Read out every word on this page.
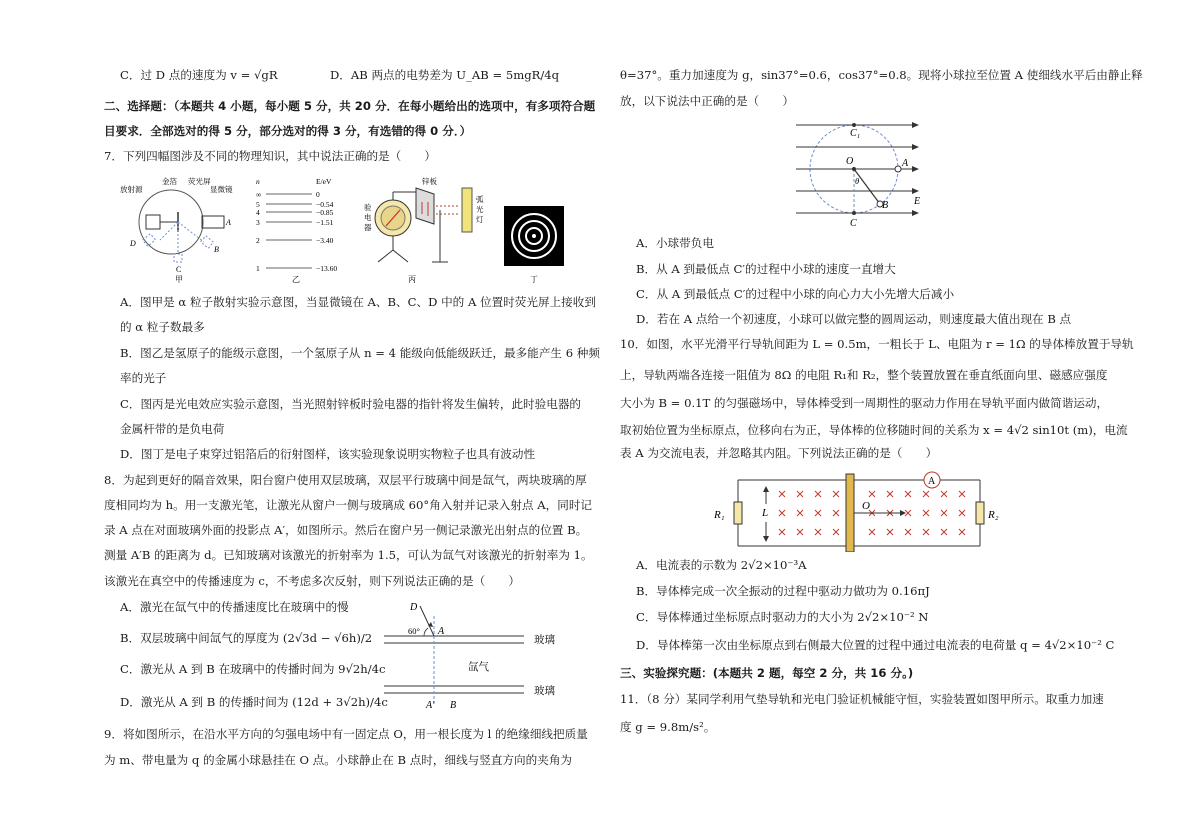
C．过 D 点的速度为 v = √gR	D．AB 两点的电势差为 U_AB = 5mgR/4q
二、选择题：（本题共 4 小题，每小题 5 分，共 20 分．在每小题给出的选项中，有多项符合题
目要求．全部选对的得 5 分，部分选对的得 3 分，有选错的得 0 分．）
7．下列四幅图涉及不同的物理知识，其中说法正确的是（　　）
放射源
金箔 荧光屏
显微镜
A
B
C
D
甲
n	E/eV
∞	0
5	−0.54
4	−0.85
3	−1.51
2	−3.40
1	−13.60
乙
锌板
弧
光
灯
验
电
器
丙	丁
A．图甲是 α 粒子散射实验示意图，当显微镜在 A、B、C、D 中的 A 位置时荧光屏上接收到
的 α 粒子数最多
B．图乙是氢原子的能级示意图，一个氢原子从 n = 4 能级向低能级跃迁，最多能产生 6 种频
率的光子
C．图丙是光电效应实验示意图，当光照射锌板时验电器的指针将发生偏转，此时验电器的
金属杆带的是负电荷
D．图丁是电子束穿过铝箔后的衍射图样，该实验现象说明实物粒子也具有波动性
8．为起到更好的隔音效果，阳台窗户使用双层玻璃，双层平行玻璃中间是氙气，两块玻璃的厚
度相同均为 h。用一支激光笔，让激光从窗户一侧与玻璃成 60°角入射并记录入射点 A，同时记
录 A 点在对面玻璃外面的投影点 A′，如图所示。然后在窗户另一侧记录激光出射点的位置 B。
测量 A′B 的距离为 d。已知玻璃对该激光的折射率为 1.5，可认为氙气对该激光的折射率为 1。
该激光在真空中的传播速度为 c，不考虑多次反射，则下列说法正确的是（　　）
A．激光在氙气中的传播速度比在玻璃中的慢
B．双层玻璃中间氙气的厚度为 (2√3d − √6h)/2
C．激光从 A 到 B 在玻璃中的传播时间为 9√2h/4c
D．激光从 A 到 B 的传播时间为 (12d + 3√2h)/4c
D
60° A
A′ B
玻璃
玻璃
氙气
9．将如图所示，在沿水平方向的匀强电场中有一固定点 O，用一根长度为 l 的绝缘细线把质量
为 m、带电量为 q 的金属小球悬挂在 O 点。小球静止在 B 点时，细线与竖直方向的夹角为
θ=37°。重力加速度为 g，sin37°=0.6，cos37°=0.8。现将小球拉至位置 A 使细线水平后由静止释
放，以下说法中正确的是（　　）
C₁
O	A
θ
B
C
E
A．小球带负电
B．从 A 到最低点 C′的过程中小球的速度一直增大
C．从 A 到最低点 C′的过程中小球的向心力大小先增大后减小
D．若在 A 点给一个初速度，小球可以做完整的圆周运动，则速度最大值出现在 B 点
10．如图，水平光滑平行导轨间距为 L = 0.5m，一粗长于 L、电阻为 r = 1Ω 的导体棒放置于导轨
上，导轨两端各连接一阻值为 8Ω 的电阻 R₁和 R₂，整个装置放置在垂直纸面向里、磁感应强度
大小为 B = 0.1T 的匀强磁场中，导体棒受到一周期性的驱动力作用在导轨平面内做简谐运动，
取初始位置为坐标原点，位移向右为正，导体棒的位移随时间的关系为 x = 4√2 sin10t (m)，电流
表 A 为交流电表，并忽略其内阻。下列说法正确的是（　　）
A
L
O
R₁	R₂
A．电流表的示数为 2√2×10⁻³A
B．导体棒完成一次全振动的过程中驱动力做功为 0.16πJ
C．导体棒通过坐标原点时驱动力的大小为 2√2×10⁻² N
D．导体棒第一次由坐标原点到右侧最大位置的过程中通过电流表的电荷量 q = 4√2×10⁻² C
三、实验探究题：(本题共 2 题，每空 2 分，共 16 分。)
11．（8 分）某同学利用气垫导轨和光电门验证机械能守恒，实验装置如图甲所示。取重力加速
度 g = 9.8m/s²。
